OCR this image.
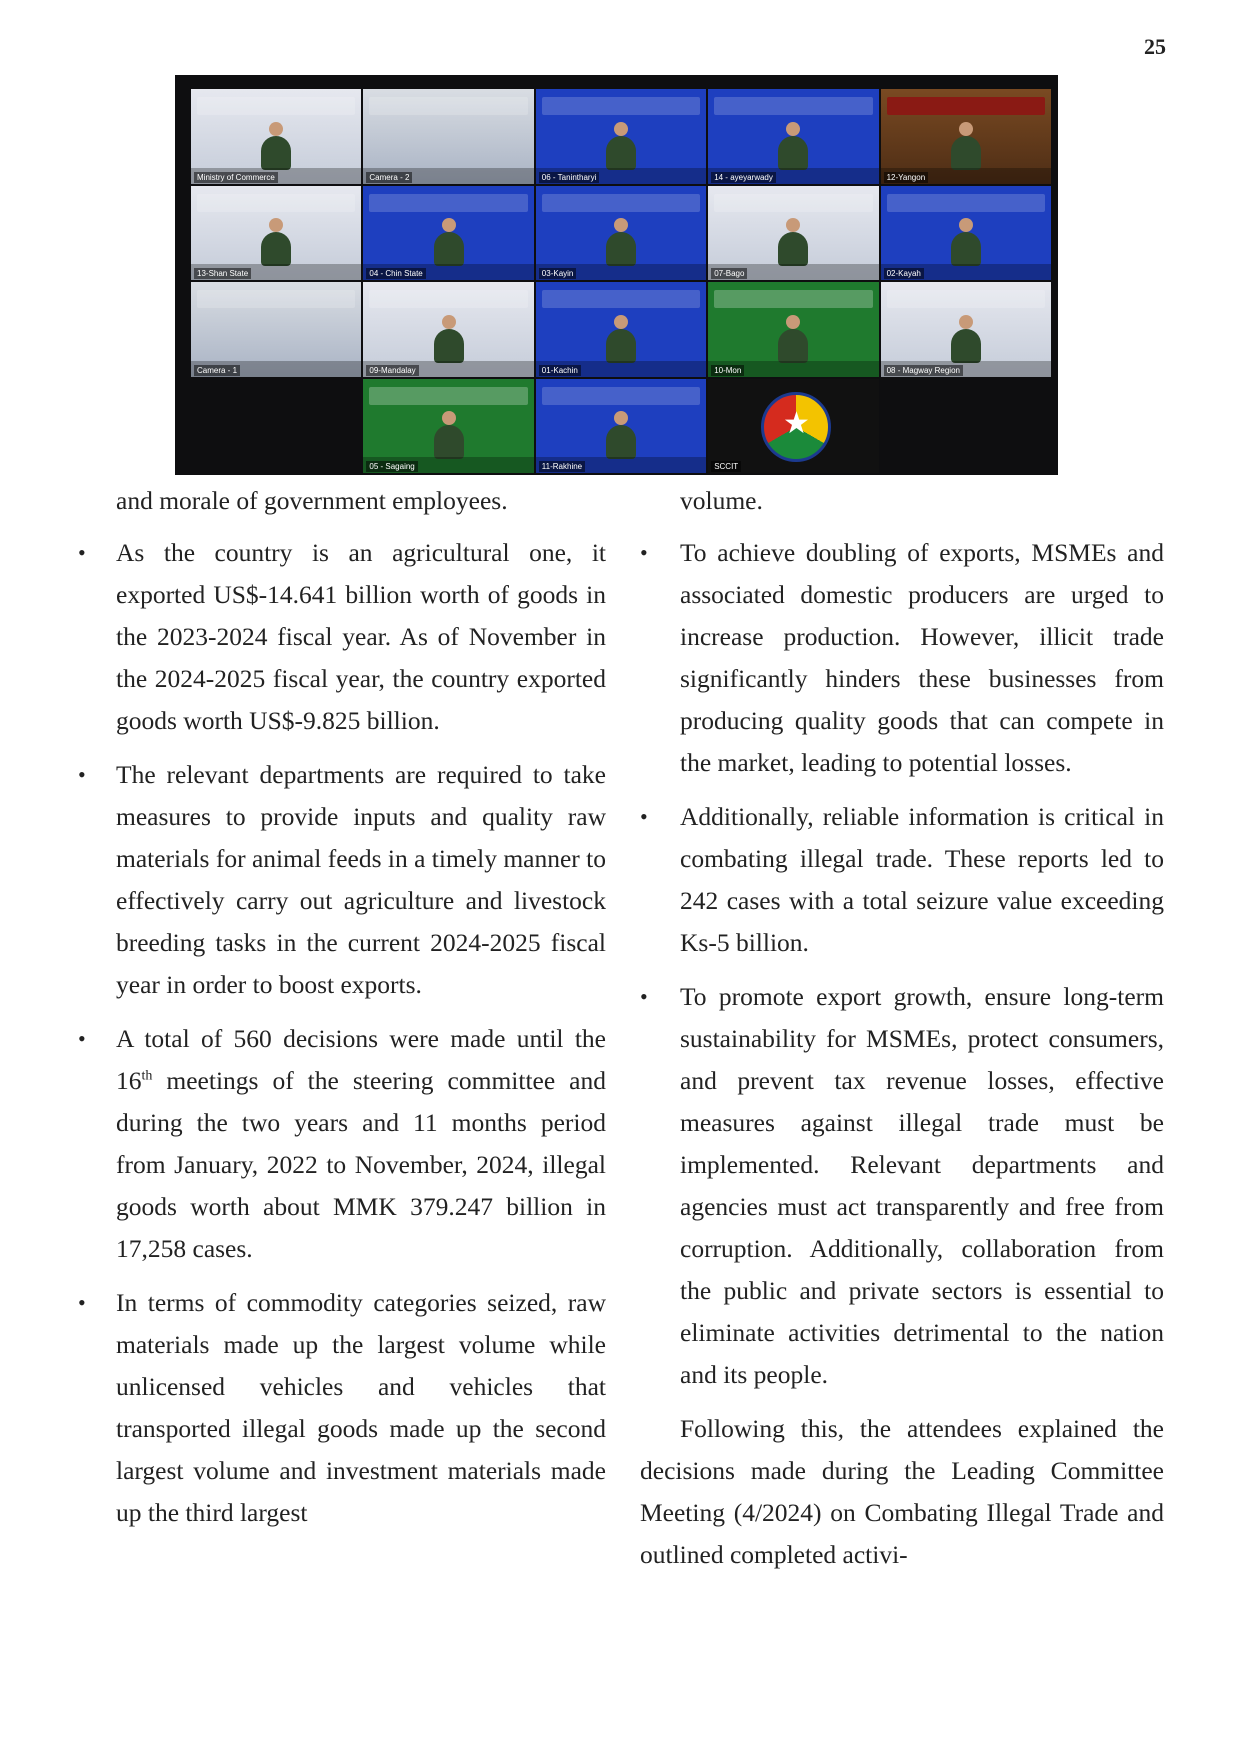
25
Ministry of Commerce	Camera - 2	06 - Tanintharyi	14 - ayeyarwady	12-Yangon
13-Shan State	04 - Chin State	03-Kayin	07-Bago	02-Kayah
Camera - 1	09-Mandalay	01-Kachin	10-Mon	08 - Magway Region
05 - Sagaing	11-Rakhine
★
SCCIT

and morale of government employees.

• As the country is an agricultural one, it exported US$-14.641 billion worth of goods in the 2023-2024 fiscal year. As of November in the 2024-2025 fiscal year, the country exported goods worth US$-9.825 billion.
• The relevant departments are required to take measures to provide inputs and quality raw materials for animal feeds in a timely manner to effectively carry out agriculture and livestock breeding tasks in the current 2024-2025 fiscal year in order to boost exports.
• A total of 560 decisions were made until the 16th meetings of the steering committee and during the two years and 11 months period from January, 2022 to November, 2024, illegal goods worth about MMK 379.247 billion in 17,258 cases.
• In terms of commodity categories seized, raw materials made up the largest volume while unlicensed vehicles and vehicles that transported illegal goods made up the second largest volume and investment materials made up the third largest

volume.

• To achieve doubling of exports, MSMEs and associated domestic producers are urged to increase production. However, illicit trade significantly hinders these businesses from producing quality goods that can compete in the market, leading to potential losses.
• Additionally, reliable information is critical in combating illegal trade. These reports led to 242 cases with a total seizure value exceeding Ks-5 billion.
• To promote export growth, ensure long-term sustainability for MSMEs, protect consumers, and prevent tax revenue losses, effective measures against illegal trade must be implemented. Relevant departments and agencies must act transparently and free from corruption. Additionally, collaboration from the public and private sectors is essential to eliminate activities detrimental to the nation and its people.

Following this, the attendees explained the decisions made during the Leading Committee Meeting (4/2024) on Combating Illegal Trade and outlined completed activi-
